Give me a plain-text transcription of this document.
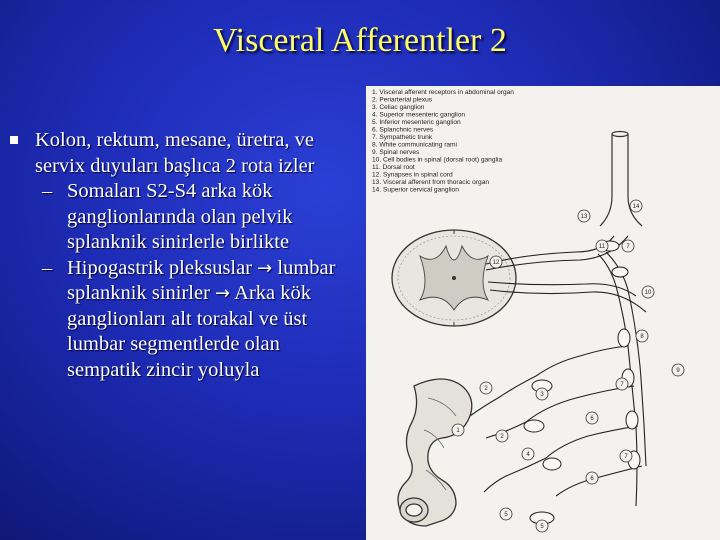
Visceral Afferentler 2
Kolon, rektum, mesane, üretra, ve servix duyuları başlıca 2 rota izler
– Somaları S2-S4 arka kök ganglionlarında olan pelvik splanknik sinirlerle birlikte
– Hipogastrik pleksuslar → lumbar splanknik sinirler → Arka kök ganglionları alt torakal ve üst lumbar segmentlerde olan sempatik zincir yoluyla
1. Visceral afferent receptors in abdominal organ
2. Periarterial plexus
3. Celiac ganglion
4. Superior mesenteric ganglion
5. Inferior mesenteric ganglion
6. Splanchnic nerves
7. Sympathetic trunk
8. White communicating rami
9. Spinal nerves
10. Cell bodies in spinal (dorsal root) ganglia
11. Dorsal root
12. Synapses in spinal cord
13. Visceral afferent from thoracic organ
14. Superior cervical ganglion
13
14
11	7
12
10
8
9
7
2
3
6
2
1
4	7
6
5
5
